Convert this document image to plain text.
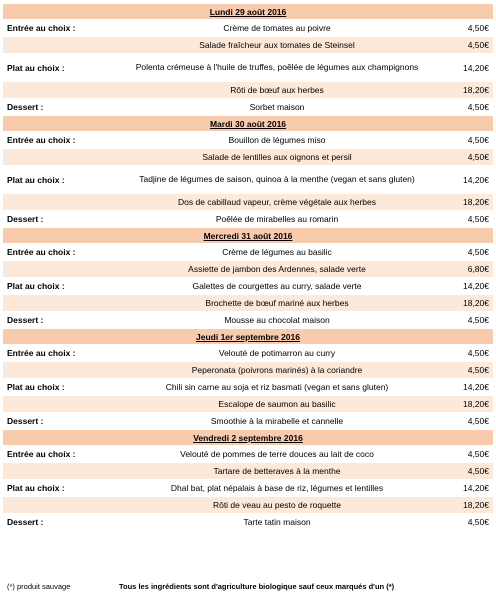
Lundi 29 août 2016
Entrée au choix :	Crème de tomates au poivre	4,50€
Salade fraîcheur aux tomates de Steinsel	4,50€
Plat au choix :	Polenta crémeuse à l'huile de truffes, poêlée de légumes aux champignons	14,20€
Rôti de bœuf aux herbes	18,20€
Dessert :	Sorbet maison	4,50€
Mardi 30 août 2016
Entrée au choix :	Bouillon de légumes miso	4,50€
Salade de lentilles aux oignons et persil	4,50€
Plat au choix :	Tadjine de légumes de saison, quinoa à la menthe (vegan et sans gluten)	14,20€
Dos de cabillaud vapeur, crème végétale aux herbes	18,20€
Dessert :	Poêlée de mirabelles au romarin	4,50€
Mercredi 31 août 2016
Entrée au choix :	Crème de légumes au basilic	4,50€
Assiette de jambon des Ardennes, salade verte	6,80€
Plat au choix :	Galettes de courgettes au curry, salade verte	14,20€
Brochette de bœuf mariné aux herbes	18,20€
Dessert :	Mousse au chocolat maison	4,50€
Jeudi 1er septembre 2016
Entrée au choix :	Velouté de potimarron au curry	4,50€
Peperonata (poivrons marinés) à la coriandre	4,50€
Plat au choix :	Chili sin carne au soja et riz basmati (vegan et sans gluten)	14,20€
Escalope de saumon au basilic	18,20€
Dessert :	Smoothie à la mirabelle et cannelle	4,50€
Vendredi 2 septembre 2016
Entrée au choix :	Velouté de pommes de terre douces au lait de coco	4,50€
Tartare de betteraves à la menthe	4,50€
Plat au choix :	Dhal bat, plat népalais à base de riz, légumes et lentilles	14,20€
Rôti de veau au pesto de roquette	18,20€
Dessert :	Tarte tatin maison	4,50€
(*) produit sauvage	Tous les ingrédients sont d'agriculture biologique sauf ceux marqués d'un (*)
